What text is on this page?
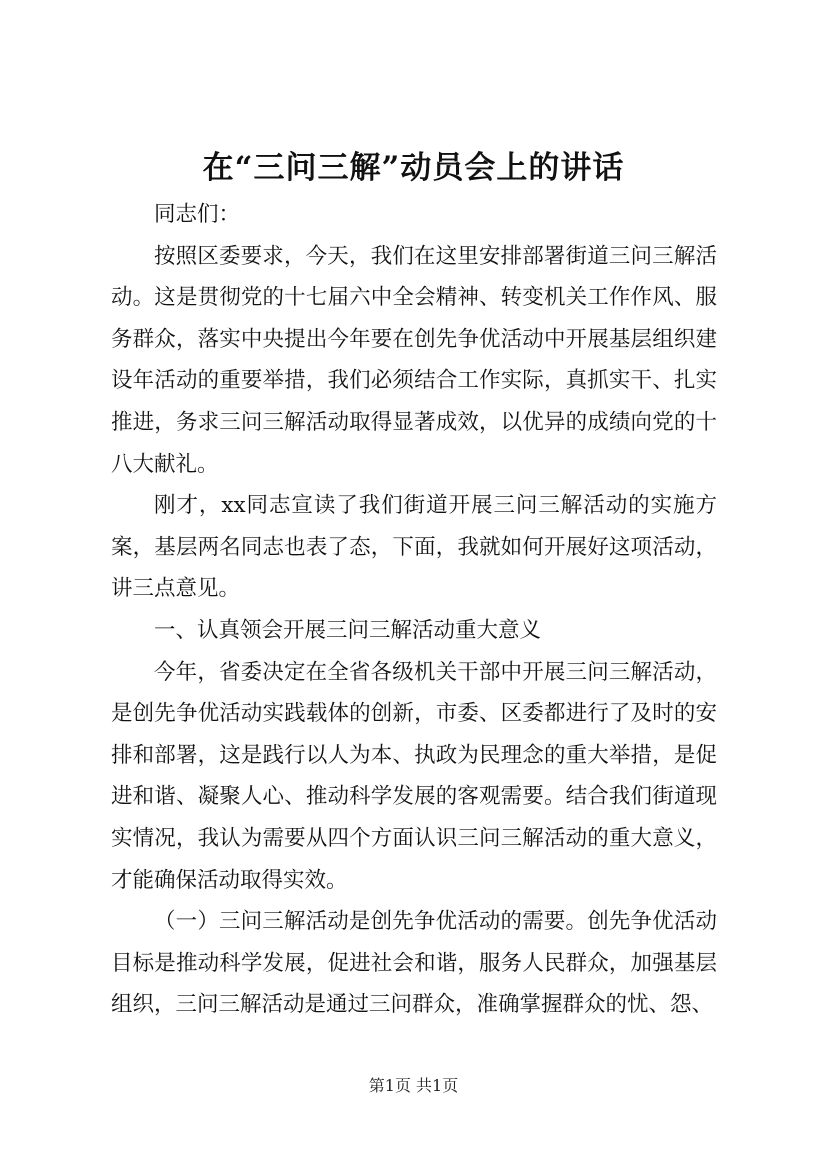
在“三问三解”动员会上的讲话

同志们：

按照区委要求，今天，我们在这里安排部署街道三问三解活动。这是贯彻党的十七届六中全会精神、转变机关工作作风、服务群众，落实中央提出今年要在创先争优活动中开展基层组织建设年活动的重要举措，我们必须结合工作实际，真抓实干、扎实推进，务求三问三解活动取得显著成效，以优异的成绩向党的十八大献礼。

刚才，xx同志宣读了我们街道开展三问三解活动的实施方案，基层两名同志也表了态，下面，我就如何开展好这项活动，讲三点意见。

一、认真领会开展三问三解活动重大意义

今年，省委决定在全省各级机关干部中开展三问三解活动，是创先争优活动实践载体的创新，市委、区委都进行了及时的安排和部署，这是践行以人为本、执政为民理念的重大举措，是促进和谐、凝聚人心、推动科学发展的客观需要。结合我们街道现实情况，我认为需要从四个方面认识三问三解活动的重大意义，才能确保活动取得实效。

（一）三问三解活动是创先争优活动的需要。创先争优活动目标是推动科学发展，促进社会和谐，服务人民群众，加强基层组织，三问三解活动是通过三问群众，准确掌握群众的忧、怨、

第1页 共1页
